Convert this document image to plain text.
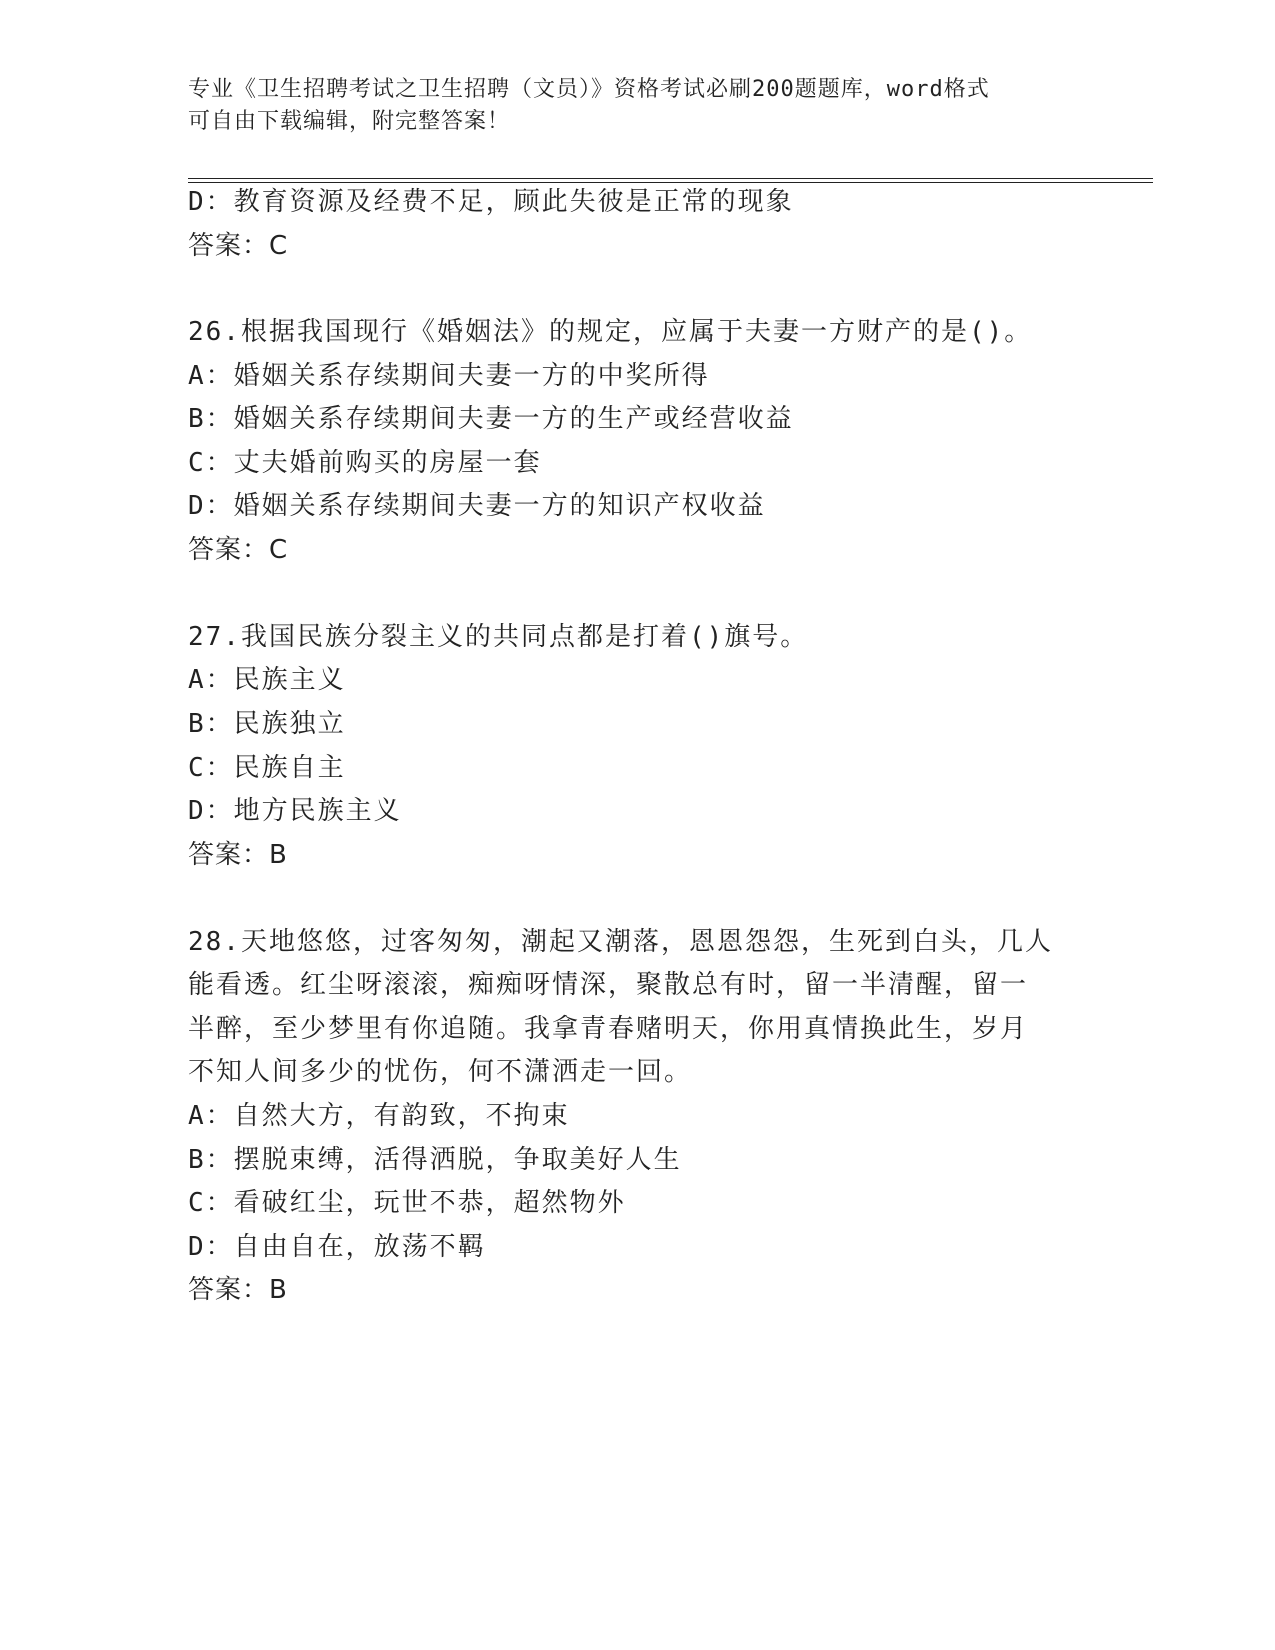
专业《卫生招聘考试之卫生招聘（文员）》资格考试必刷200题题库，word格式
可自由下载编辑，附完整答案！
D：教育资源及经费不足，顾此失彼是正常的现象
答案：C
26.根据我国现行《婚姻法》的规定，应属于夫妻一方财产的是()。
A：婚姻关系存续期间夫妻一方的中奖所得
B：婚姻关系存续期间夫妻一方的生产或经营收益
C：丈夫婚前购买的房屋一套
D：婚姻关系存续期间夫妻一方的知识产权收益
答案：C
27.我国民族分裂主义的共同点都是打着()旗号。
A：民族主义
B：民族独立
C：民族自主
D：地方民族主义
答案：B
28.天地悠悠，过客匆匆，潮起又潮落，恩恩怨怨，生死到白头，几人
能看透。红尘呀滚滚，痴痴呀情深，聚散总有时，留一半清醒，留一
半醉，至少梦里有你追随。我拿青春赌明天，你用真情换此生，岁月
不知人间多少的忧伤，何不潇洒走一回。
A：自然大方，有韵致，不拘束
B：摆脱束缚，活得洒脱，争取美好人生
C：看破红尘，玩世不恭，超然物外
D：自由自在，放荡不羁
答案：B
